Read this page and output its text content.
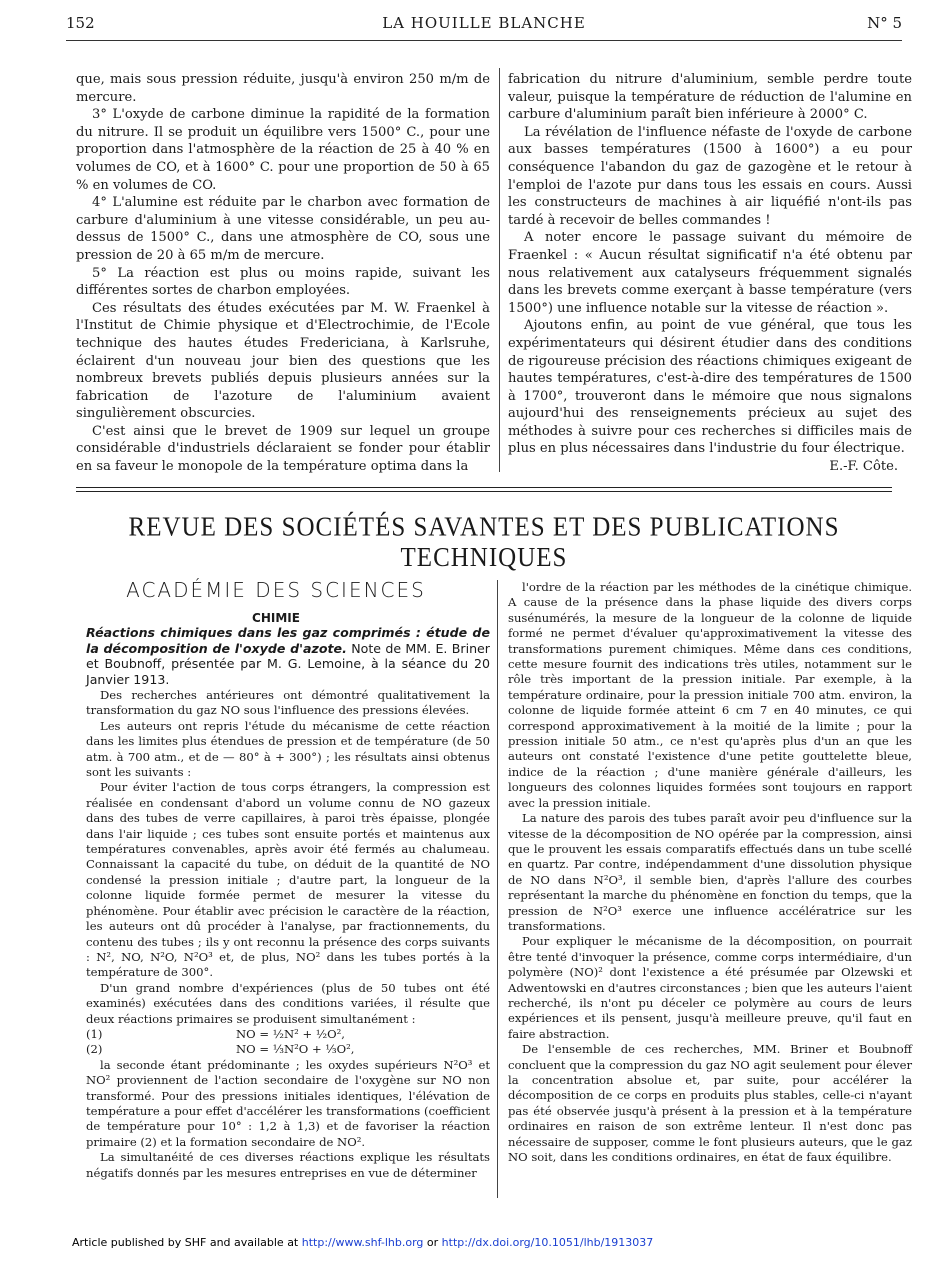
152	LA HOUILLE BLANCHE	N° 5

que, mais sous pression réduite, jusqu'à environ 250 m/m de mercure.

3° L'oxyde de carbone diminue la rapidité de la formation du nitrure. Il se produit un équilibre vers 1500° C., pour une proportion dans l'atmosphère de la réaction de 25 à 40 % en volumes de CO, et à 1600° C. pour une proportion de 50 à 65 % en volumes de CO.

4° L'alumine est réduite par le charbon avec formation de carbure d'aluminium à une vitesse considérable, un peu au-dessus de 1500° C., dans une atmosphère de CO, sous une pression de 20 à 65 m/m de mercure.

5° La réaction est plus ou moins rapide, suivant les différentes sortes de charbon employées.

Ces résultats des études exécutées par M. W. Fraenkel à l'Institut de Chimie physique et d'Electrochimie, de l'Ecole technique des hautes études Fredericiana, à Karlsruhe, éclairent d'un nouveau jour bien des questions que les nombreux brevets publiés depuis plusieurs années sur la fabrication de l'azoture de l'aluminium avaient singulièrement obscurcies.

C'est ainsi que le brevet de 1909 sur lequel un groupe considérable d'industriels déclaraient se fonder pour établir en sa faveur le monopole de la température optima dans la

fabrication du nitrure d'aluminium, semble perdre toute valeur, puisque la température de réduction de l'alumine en carbure d'aluminium paraît bien inférieure à 2000° C.

La révélation de l'influence néfaste de l'oxyde de carbone aux basses températures (1500 à 1600°) a eu pour conséquence l'abandon du gaz de gazogène et le retour à l'emploi de l'azote pur dans tous les essais en cours. Aussi les constructeurs de machines à air liquéfié n'ont-ils pas tardé à recevoir de belles commandes !

A noter encore le passage suivant du mémoire de Fraenkel : « Aucun résultat significatif n'a été obtenu par nous relativement aux catalyseurs fréquemment signalés dans les brevets comme exerçant à basse température (vers 1500°) une influence notable sur la vitesse de réaction ».

Ajoutons enfin, au point de vue général, que tous les expérimentateurs qui désirent étudier dans des conditions de rigoureuse précision des réactions chimiques exigeant de hautes températures, c'est-à-dire des températures de 1500 à 1700°, trouveront dans le mémoire que nous signalons aujourd'hui des renseignements précieux au sujet des méthodes à suivre pour ces recherches si difficiles mais de plus en plus nécessaires dans l'industrie du four électrique.

E.-F. Côte.
REVUE DES SOCIÉTÉS SAVANTES ET DES PUBLICATIONS TECHNIQUES
ACADÉMIE DES SCIENCES
CHIMIE
Réactions chimiques dans les gaz comprimés : étude de la décomposition de l'oxyde d'azote. Note de MM. E. Briner et Boubnoff, présentée par M. G. Lemoine, à la séance du 20 Janvier 1913.

Des recherches antérieures ont démontré qualitativement la transformation du gaz NO sous l'influence des pressions élevées.

Les auteurs ont repris l'étude du mécanisme de cette réaction dans les limites plus étendues de pression et de température (de 50 atm. à 700 atm., et de — 80° à + 300°) ; les résultats ainsi obtenus sont les suivants :

Pour éviter l'action de tous corps étrangers, la compression est réalisée en condensant d'abord un volume connu de NO gazeux dans des tubes de verre capillaires, à paroi très épaisse, plongée dans l'air liquide ; ces tubes sont ensuite portés et maintenus aux températures convenables, après avoir été fermés au chalumeau. Connaissant la capacité du tube, on déduit de la quantité de NO condensé la pression initiale ; d'autre part, la longueur de la colonne liquide formée permet de mesurer la vitesse du phénomène. Pour établir avec précision le caractère de la réaction, les auteurs ont dû procéder à l'analyse, par fractionnements, du contenu des tubes ; ils y ont reconnu la présence des corps suivants : N², NO, N²O, N²O³ et, de plus, NO² dans les tubes portés à la température de 300°.

D'un grand nombre d'expériences (plus de 50 tubes ont été examinés) exécutées dans des conditions variées, il résulte que deux réactions primaires se produisent simultanément :

(1)	NO = ½N² + ½O²,
(2)	NO = ⅓N²O + ⅓O²,

la seconde étant prédominante ; les oxydes supérieurs N²O³ et NO² proviennent de l'action secondaire de l'oxygène sur NO non transformé. Pour des pressions initiales identiques, l'élévation de température a pour effet d'accélérer les transformations (coefficient de température pour 10° : 1,2 à 1,3) et de favoriser la réaction primaire (2) et la formation secondaire de NO².

La simultanéité de ces diverses réactions explique les résultats négatifs donnés par les mesures entreprises en vue de déterminer

l'ordre de la réaction par les méthodes de la cinétique chimique. A cause de la présence dans la phase liquide des divers corps susénumérés, la mesure de la longueur de la colonne de liquide formé ne permet d'évaluer qu'approximativement la vitesse des transformations purement chimiques. Même dans ces conditions, cette mesure fournit des indications très utiles, notamment sur le rôle très important de la pression initiale. Par exemple, à la température ordinaire, pour la pression initiale 700 atm. environ, la colonne de liquide formée atteint 6 cm 7 en 40 minutes, ce qui correspond approximativement à la moitié de la limite ; pour la pression initiale 50 atm., ce n'est qu'après plus d'un an que les auteurs ont constaté l'existence d'une petite gouttelette bleue, indice de la réaction ; d'une manière générale d'ailleurs, les longueurs des colonnes liquides formées sont toujours en rapport avec la pression initiale.

La nature des parois des tubes paraît avoir peu d'influence sur la vitesse de la décomposition de NO opérée par la compression, ainsi que le prouvent les essais comparatifs effectués dans un tube scellé en quartz. Par contre, indépendamment d'une dissolution physique de NO dans N²O³, il semble bien, d'après l'allure des courbes représentant la marche du phénomène en fonction du temps, que la pression de N²O³ exerce une influence accélératrice sur les transformations.

Pour expliquer le mécanisme de la décomposition, on pourrait être tenté d'invoquer la présence, comme corps intermédiaire, d'un polymère (NO)² dont l'existence a été présumée par Olzewski et Adwentowski en d'autres circonstances ; bien que les auteurs l'aient recherché, ils n'ont pu déceler ce polymère au cours de leurs expériences et ils pensent, jusqu'à meilleure preuve, qu'il faut en faire abstraction.

De l'ensemble de ces recherches, MM. Briner et Boubnoff concluent que la compression du gaz NO agit seulement pour élever la concentration absolue et, par suite, pour accélérer la décomposition de ce corps en produits plus stables, celle-ci n'ayant pas été observée jusqu'à présent à la pression et à la température ordinaires en raison de son extrême lenteur. Il n'est donc pas nécessaire de supposer, comme le font plusieurs auteurs, que le gaz NO soit, dans les conditions ordinaires, en état de faux équilibre.

Article published by SHF and available at http://www.shf-lhb.org or http://dx.doi.org/10.1051/lhb/1913037
